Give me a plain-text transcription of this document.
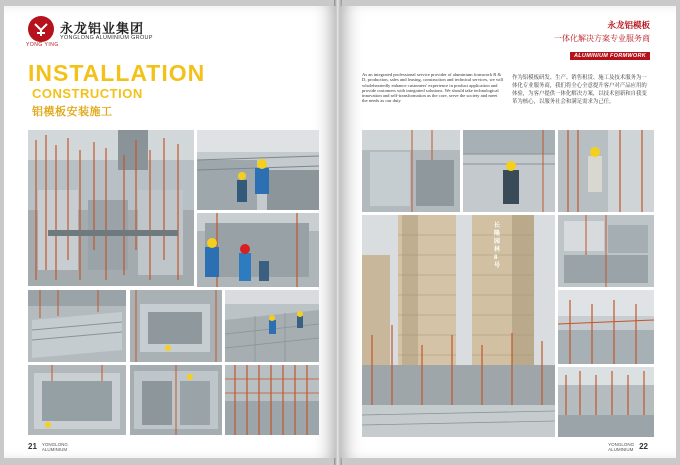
YONG YING
永龙铝业集团
YONGLONG ALUMINIUM GROUP
INSTALLATION
CONSTRUCTION
铝模板安装施工
21 YONGLONG
ALUMINIUM
永龙铝模板
一体化解决方案专业服务商
ALUMINIUM FORMWORK
As an integrated professional service provider of aluminium formwork R & D, production, sales and leasing, construction and technical services, we will wholeheartedly enhance customers' experience in product application and provide customers with integrated solutions. We should take technological innovation and self-transformation as the core, serve the society and meet the needs as our duty
作为铝模板研发、生产、销售租赁、施工及技术服务为一体化专业服务商，我们将全心全意提升客户对产品应用的体验，为客户提供一体化解决方案，以技术创新和自我变革为核心，以服务社会和满足需求为己任。
长隆园林8号
YONGLONG
ALUMINIUM 22
